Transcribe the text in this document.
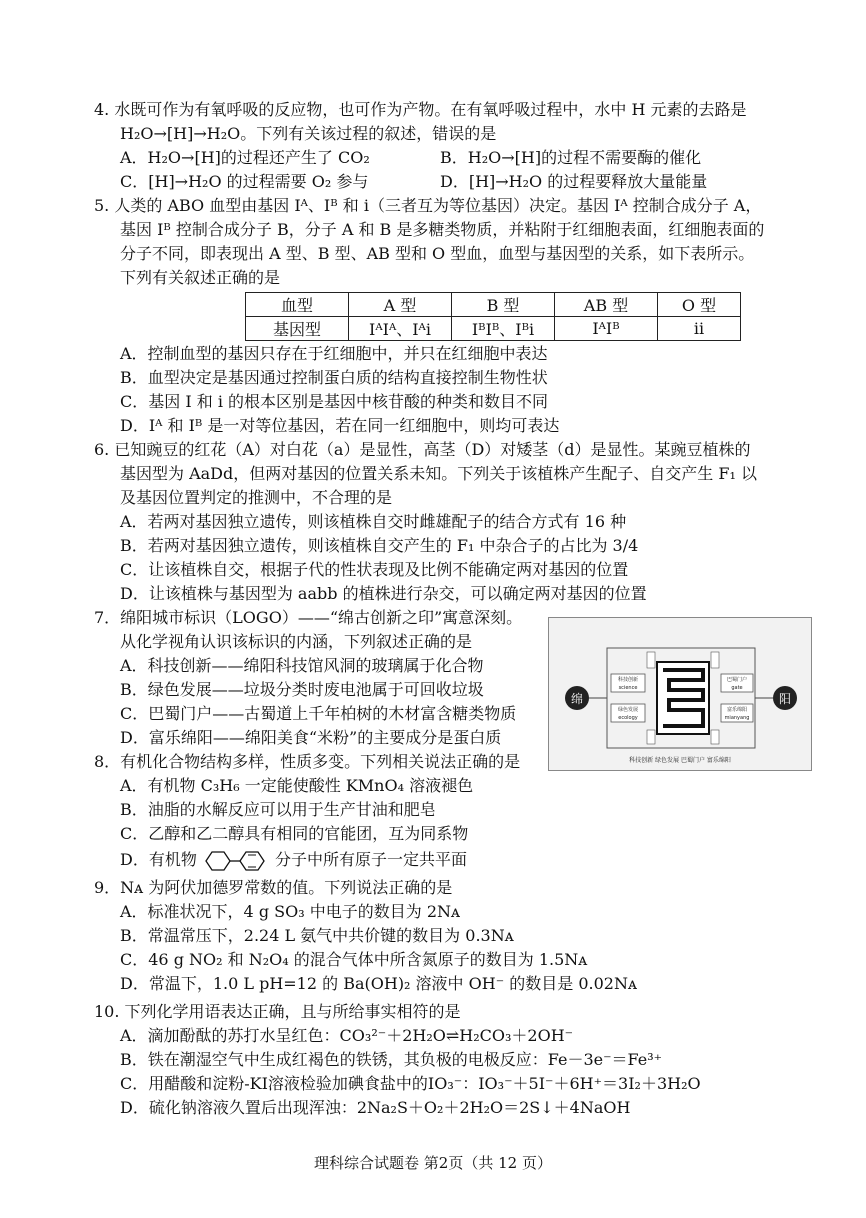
4. 水既可作为有氧呼吸的反应物，也可作为产物。在有氧呼吸过程中，水中 H 元素的去路是
H₂O→[H]→H₂O。下列有关该过程的叙述，错误的是
A．H₂O→[H]的过程还产生了 CO₂	B．H₂O→[H]的过程不需要酶的催化
C．[H]→H₂O 的过程需要 O₂ 参与	D．[H]→H₂O 的过程要释放大量能量
5. 人类的 ABO 血型由基因 Iᴬ、Iᴮ 和 i（三者互为等位基因）决定。基因 Iᴬ 控制合成分子 A，
基因 Iᴮ 控制合成分子 B，分子 A 和 B 是多糖类物质，并粘附于红细胞表面，红细胞表面的
分子不同，即表现出 A 型、B 型、AB 型和 O 型血，血型与基因型的关系，如下表所示。
下列有关叙述正确的是
血型	A 型	B 型	AB 型	O 型
基因型	IᴬIᴬ、Iᴬi	IᴮIᴮ、Iᴮi	IᴬIᴮ	ii
A．控制血型的基因只存在于红细胞中，并只在红细胞中表达
B．血型决定是基因通过控制蛋白质的结构直接控制生物性状
C．基因 I 和 i 的根本区别是基因中核苷酸的种类和数目不同
D．Iᴬ 和 Iᴮ 是一对等位基因，若在同一红细胞中，则均可表达
6. 已知豌豆的红花（A）对白花（a）是显性，高茎（D）对矮茎（d）是显性。某豌豆植株的
基因型为 AaDd，但两对基因的位置关系未知。下列关于该植株产生配子、自交产生 F₁ 以
及基因位置判定的推测中，不合理的是
A．若两对基因独立遗传，则该植株自交时雌雄配子的结合方式有 16 种
B．若两对基因独立遗传，则该植株自交产生的 F₁ 中杂合子的占比为 3/4
C．让该植株自交，根据子代的性状表现及比例不能确定两对基因的位置
D．让该植株与基因型为 aabb 的植株进行杂交，可以确定两对基因的位置
7．绵阳城市标识（LOGO）——“绵古创新之印”寓意深刻。
从化学视角认识该标识的内涵，下列叙述正确的是
A．科技创新——绵阳科技馆风洞的玻璃属于化合物
B．绿色发展——垃圾分类时废电池属于可回收垃圾
C．巴蜀门户——古蜀道上千年柏树的木材富含糖类物质
D．富乐绵阳——绵阳美食“米粉”的主要成分是蛋白质
绵	阳
科技创新
science
绿色发展
ecology
巴蜀门户
gate
富乐绵阳
mianyang
科技创新 绿色发展 巴蜀门户 富乐绵阳
8．有机化合物结构多样，性质多变。下列相关说法正确的是
A．有机物 C₃H₆ 一定能使酸性 KMnO₄ 溶液褪色
B．油脂的水解反应可以用于生产甘油和肥皂
C．乙醇和乙二醇具有相同的官能团，互为同系物
D．有机物	分子中所有原子一定共平面
9．Nᴀ 为阿伏加德罗常数的值。下列说法正确的是
A．标准状况下，4 g SO₃ 中电子的数目为 2Nᴀ
B．常温常压下，2.24 L 氨气中共价键的数目为 0.3Nᴀ
C．46 g NO₂ 和 N₂O₄ 的混合气体中所含氮原子的数目为 1.5Nᴀ
D．常温下，1.0 L pH=12 的 Ba(OH)₂ 溶液中 OH⁻ 的数目是 0.02Nᴀ
10. 下列化学用语表达正确，且与所给事实相符的是
A．滴加酚酞的苏打水呈红色：CO₃²⁻＋2H₂O⇌H₂CO₃＋2OH⁻
B．铁在潮湿空气中生成红褐色的铁锈，其负极的电极反应：Fe－3e⁻＝Fe³⁺
C．用醋酸和淀粉-KI溶液检验加碘食盐中的IO₃⁻：IO₃⁻＋5I⁻＋6H⁺＝3I₂＋3H₂O
D．硫化钠溶液久置后出现浑浊：2Na₂S＋O₂＋2H₂O＝2S↓＋4NaOH
理科综合试题卷 第2页（共 12 页）
